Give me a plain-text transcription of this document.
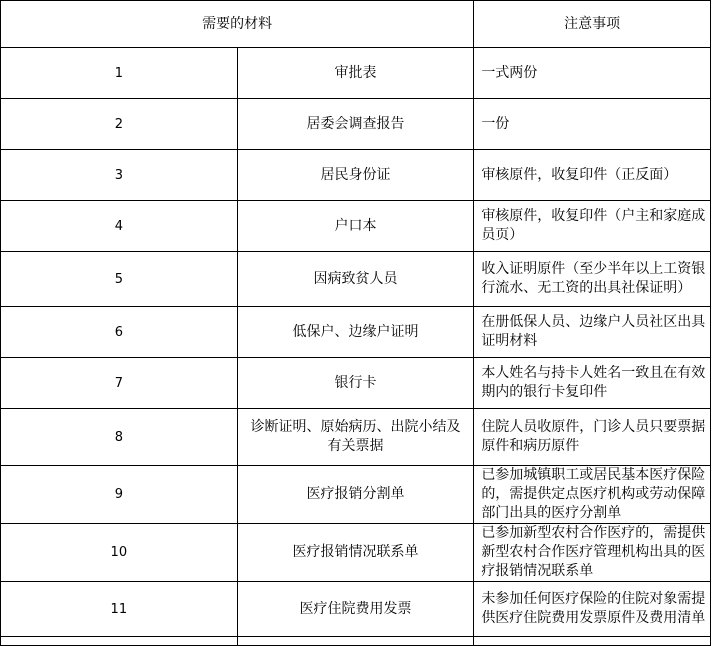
需要的材料		注意事项
1	审批表	一式两份
2	居委会调查报告	一份
3	居民身份证	审核原件，收复印件（正反面）
4	户口本	审核原件，收复印件（户主和家庭成员页）
5	因病致贫人员	收入证明原件（至少半年以上工资银行流水、无工资的出具社保证明）
6	低保户、边缘户证明	在册低保人员、边缘户人员社区出具证明材料
7	银行卡	本人姓名与持卡人姓名一致且在有效期内的银行卡复印件
8	诊断证明、原始病历、出院小结及有关票据	住院人员收原件，门诊人员只要票据原件和病历原件
9	医疗报销分割单	已参加城镇职工或居民基本医疗保险的，需提供定点医疗机构或劳动保障部门出具的医疗分割单
10	医疗报销情况联系单	已参加新型农村合作医疗的，需提供新型农村合作医疗管理机构出具的医疗报销情况联系单
11	医疗住院费用发票	未参加任何医疗保险的住院对象需提供医疗住院费用发票原件及费用清单
